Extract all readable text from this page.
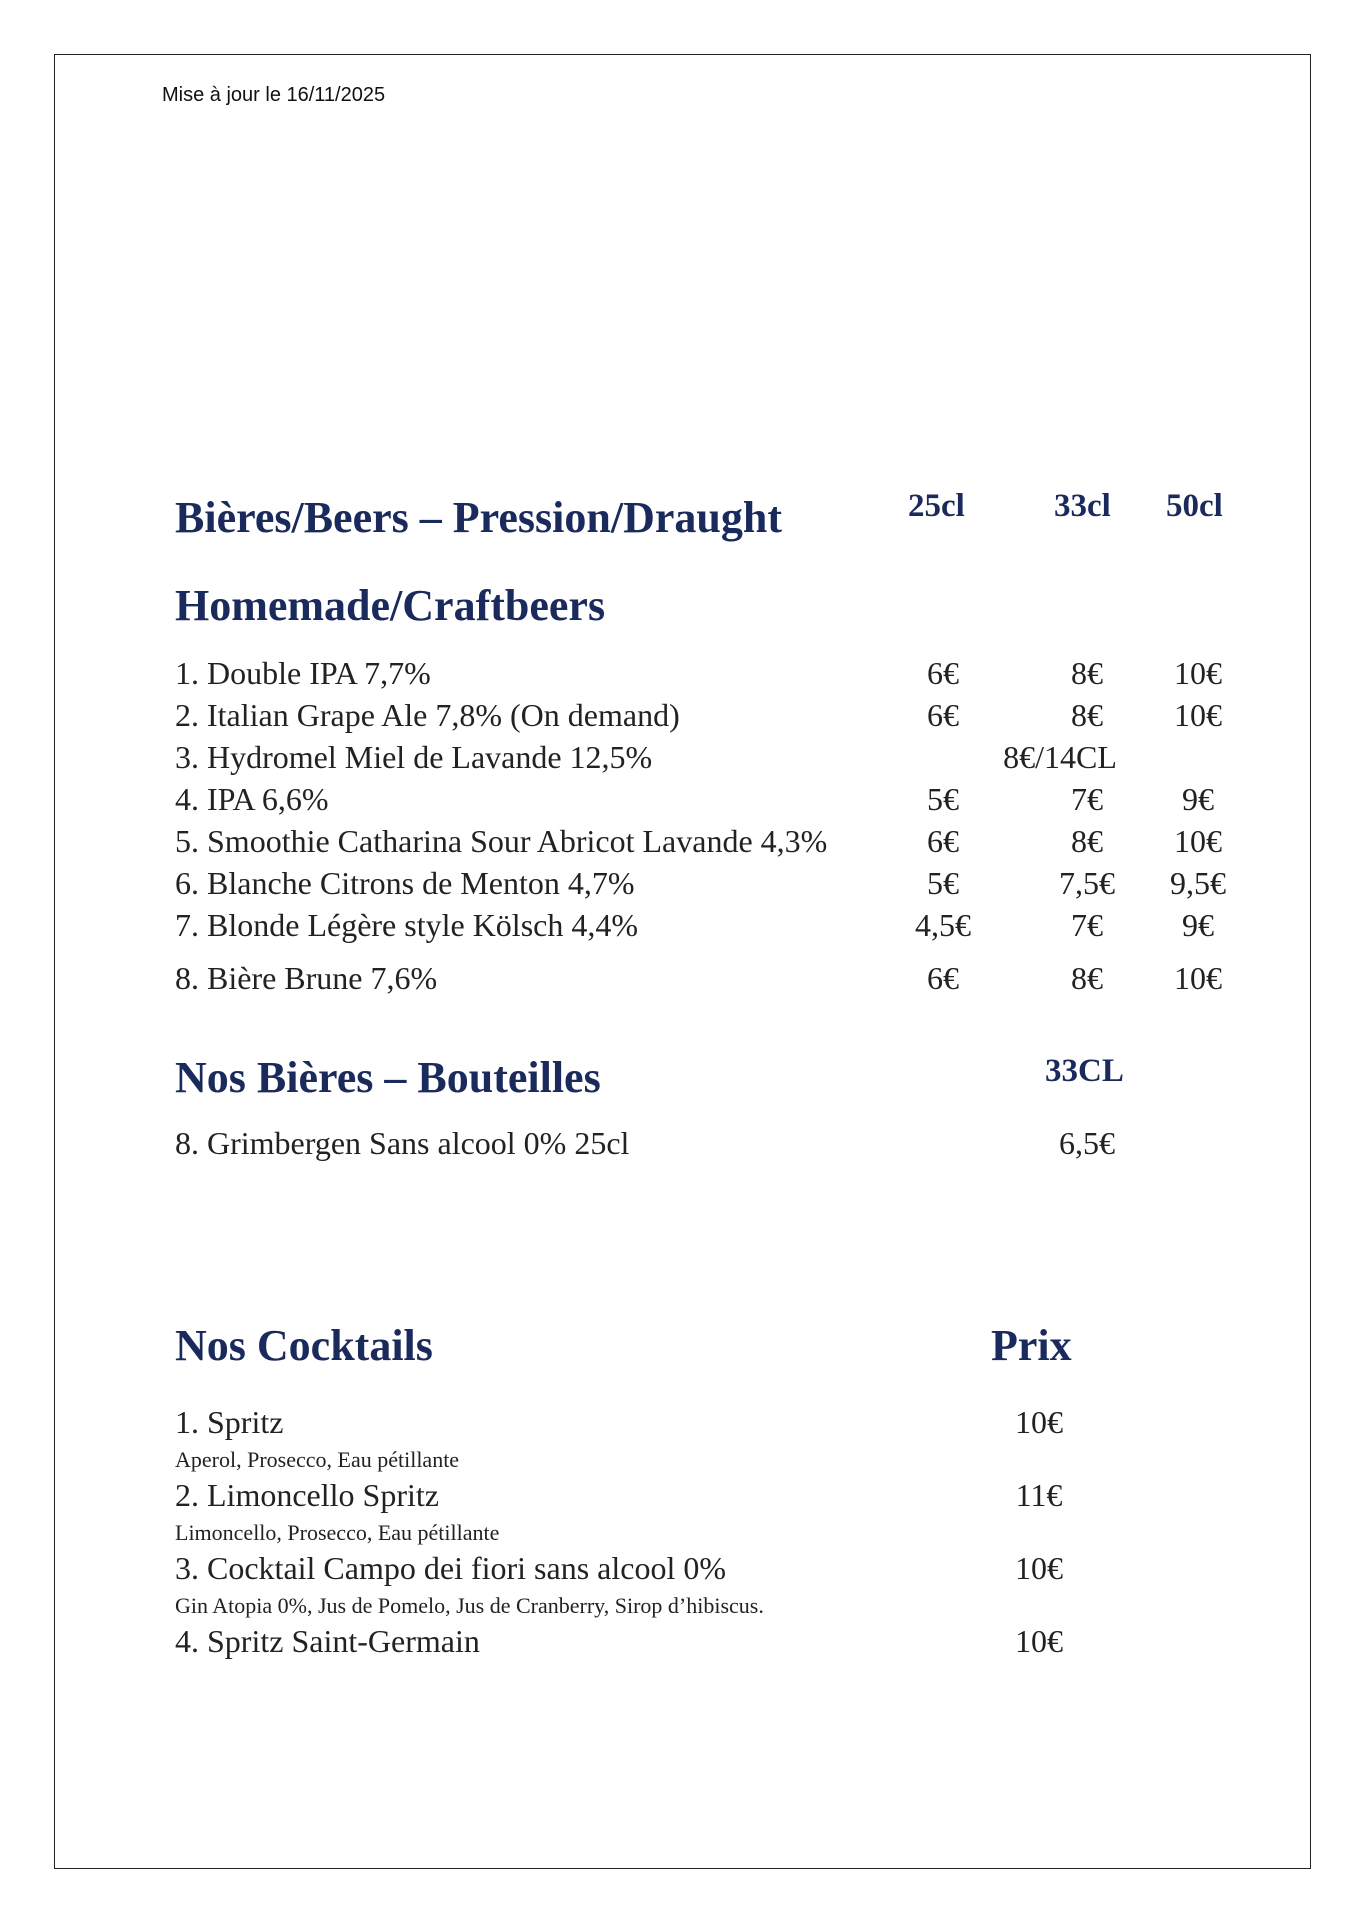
Mise à jour le 16/11/2025
Bières/Beers – Pression/Draught	25cl	33cl 50cl
Homemade/Craftbeers
1. Double IPA 7,7%	6€	8€	10€
2. Italian Grape Ale 7,8% (On demand)	6€	8€	10€
3. Hydromel Miel de Lavande 12,5%	8€/14CL
4. IPA 6,6%	5€	7€	9€
5. Smoothie Catharina Sour Abricot Lavande 4,3%	6€	8€	10€
6. Blanche Citrons de Menton 4,7%	5€	7,5€	9,5€
7. Blonde Légère style Kölsch 4,4%	4,5€	7€	9€
8. Bière Brune 7,6%	6€	8€	10€
Nos Bières – Bouteilles	33CL
8. Grimbergen Sans alcool 0% 25cl	6,5€
Nos Cocktails	Prix
1. Spritz	10€
Aperol, Prosecco, Eau pétillante
2. Limoncello Spritz	11€
Limoncello, Prosecco, Eau pétillante
3. Cocktail Campo dei fiori sans alcool 0%	10€
Gin Atopia 0%, Jus de Pomelo, Jus de Cranberry, Sirop d’hibiscus.
4. Spritz Saint-Germain	10€
